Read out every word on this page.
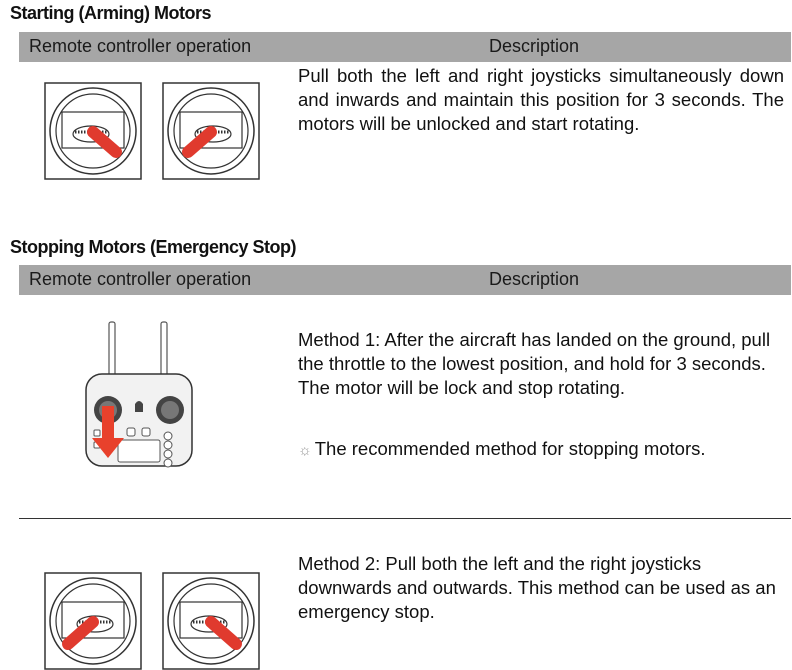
Starting (Arming) Motors
Remote controller operation	Description
Pull both the left and right joysticks simultaneously down and inwards and maintain this position for 3 seconds. The motors will be unlocked and start rotating.
Stopping Motors (Emergency Stop)
Remote controller operation	Description
Method 1: After the aircraft has landed on the ground, pull the throttle to the lowest position, and hold for 3 seconds. The motor will be lock and stop rotating.
☼ The recommended method for stopping motors.
Method 2: Pull both the left and the right joysticks downwards and outwards. This method can be used as an emergency stop.
